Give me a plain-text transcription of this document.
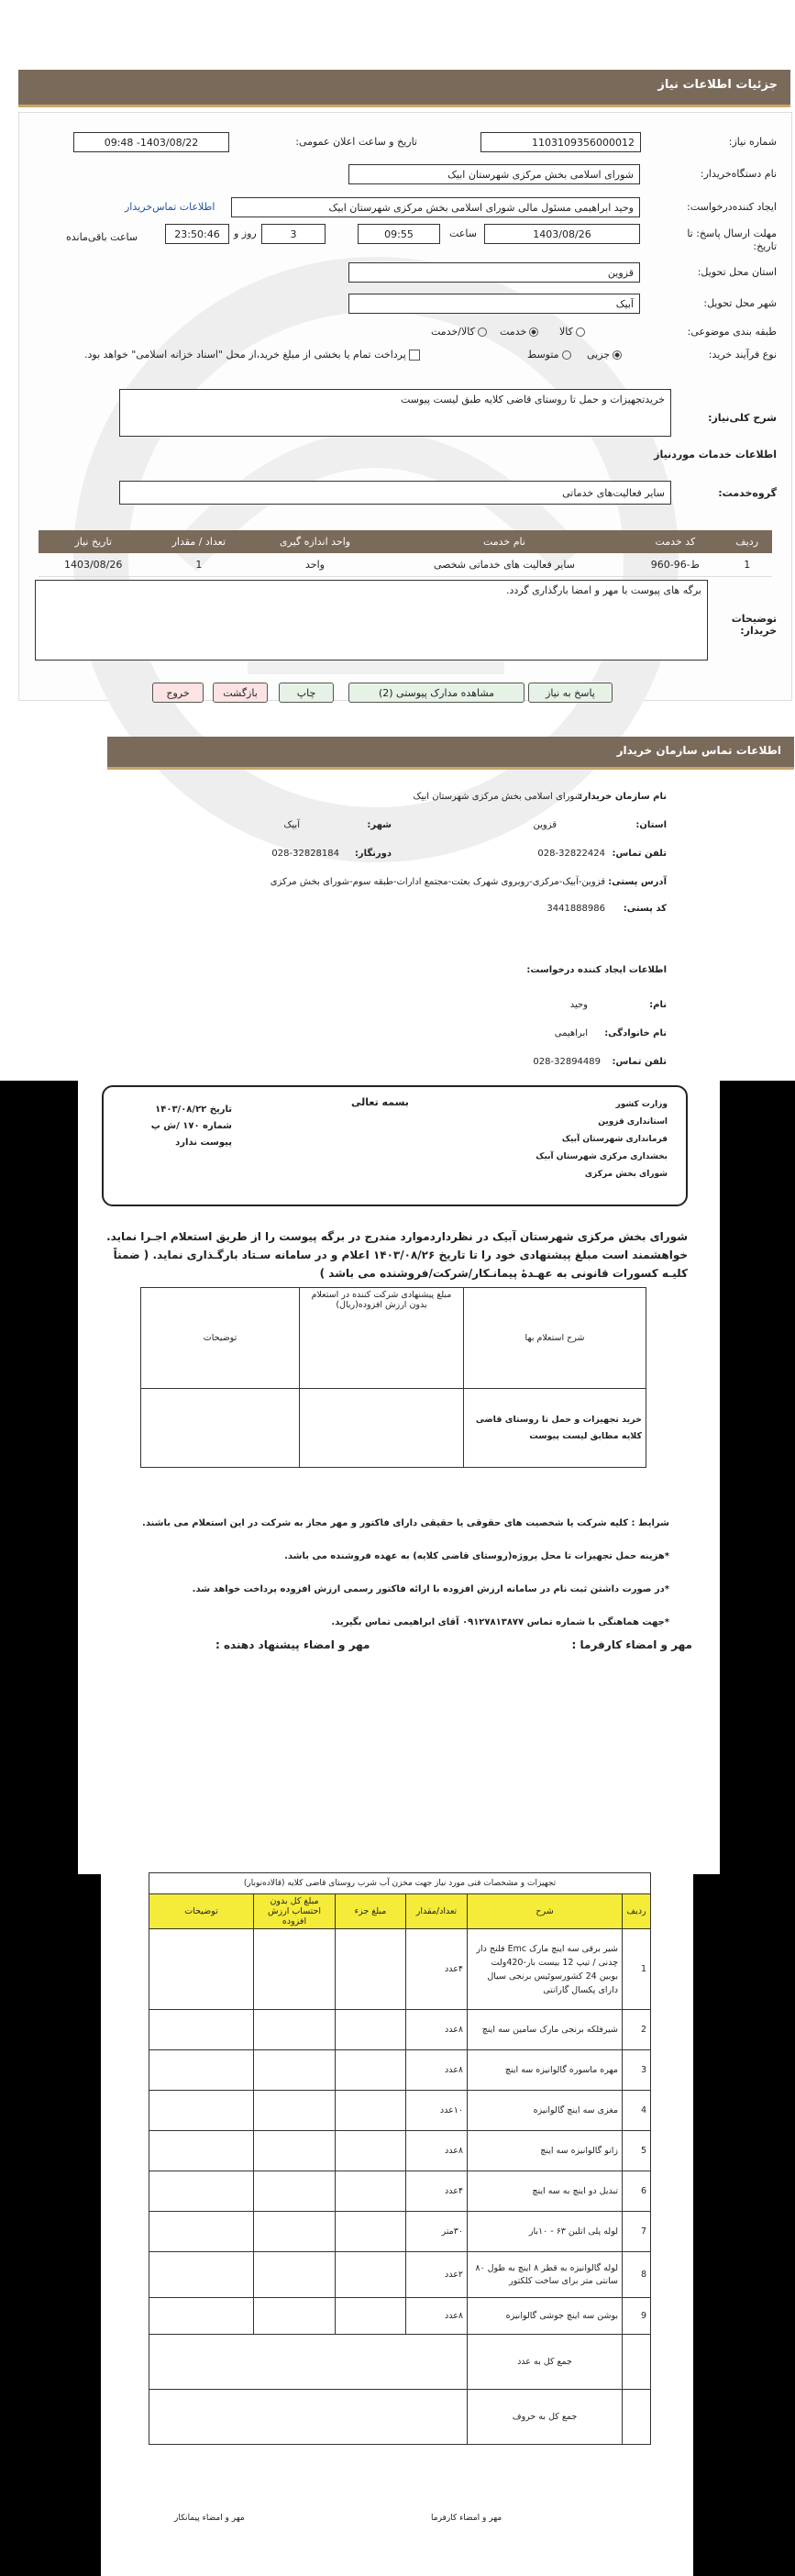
جزئیات اطلاعات نیاز
شماره نیاز:
1103109356000012
تاریخ و ساعت اعلان عمومی:
1403/08/22- 09:48
نام دستگاه‌خریدار:
شورای اسلامی بخش مرکزی شهرستان ابیک
ایجاد کننده‌درخواست:
وحید ابراهیمی مسئول مالی شورای اسلامی بخش مرکزی شهرستان ابیک
اطلاعات تماس‌خریدار
مهلت ارسال پاسخ: تا تاریخ:
1403/08/26
ساعت
09:55
3
روز و
23:50:46
ساعت باقی‌مانده
استان محل تحویل:
قزوین
شهر محل تحویل:
آبیک
طبقه بندی موضوعی:
کالا
خدمت
کالا/خدمت
نوع فرآیند خرید:
جزیی
متوسط
پرداخت تمام یا بخشی از مبلغ خرید،از محل "اسناد خزانه اسلامی" خواهد بود.
شرح کلی‌نیاز:
خریدتجهیزات و حمل تا روستای قاضی کلایه طبق لیست پیوست
اطلاعات خدمات موردنیاز
گروه‌خدمت:
سایر فعالیت‌های خدماتی
ردیف	کد خدمت	نام خدمت	واحد اندازه گیری	تعداد / مقدار	تاریخ نیاز
1	ط-96-960	سایر فعالیت های خدماتی شخصی	واحد	1	1403/08/26
توضیحات خریدار:
برگه های پیوست با مهر و امضا بارگذاری گردد.
پاسخ به نیاز
مشاهده مدارک پیوستی (2)
چاپ
بازگشت
خروج
اطلاعات تماس سازمان خریدار
نام سازمان خریدار:
شورای اسلامی بخش مرکزی شهرستان ابیک
استان:
قزوین
شهر:
آبیک
تلفن تماس:
028-32822424
دورنگار:
028-32828184
آدرس پستی:
قزوین-آبیک-مرکزی-روبروی شهرک بعثت-مجتمع ادارات-طبقه سوم-شورای بخش مرکزی
کد پستی:
3441888986
اطلاعات ایجاد کننده درخواست:
نام:
وحید
نام خانوادگی:
ابراهیمی
تلفن تماس:
028-32894489
وزارت کشور
استانداری قزوین
فرمانداری شهرستان آبیک
بخشداری مرکزی شهرستان آبیک
شورای بخش مرکزی
بسمه تعالی
تاریخ ۱۴۰۳/۰۸/۲۲
شماره ۱۷۰ /ش پ
پیوست ندارد
شورای بخش مرکزی شهرستان آبیک در نظرداردموارد مندرج در برگه پیوست را از طریق استعلام اجـرا نماید. خواهشمند است مبلغ پیشنهادی خود را تا تاریخ ۱۴۰۳/۰۸/۲۶ اعلام و در سامانه سـتاد بارگـذاری نماید. ( ضمناً کلیـه کسورات قانونی به عهـدۀ پیمانـکار/شرکت/فروشنده می باشد )
شرح استعلام بها	مبلغ پیشنهادی شرکت کننده در استعلام بدون ارزش افزوده(ریال)	توضیحات
خرید تجهیزات و حمل تا روستای قاضی کلایه مطابق لیست پیوست		
شرایط : کلیه شرکت یا شخصیت های حقوقی یا حقیقی دارای فاکتور و مهر مجاز به شرکت در این استعلام می باشند.
*هزینه حمل تجهیزات تا محل پروژه(روستای قاضی کلایه) به عهده فروشنده می باشد.
*در صورت داشتن ثبت نام در سامانه ارزش افزوده با ارائه فاکتور رسمی ارزش افزوده پرداخت خواهد شد.
*جهت هماهنگی با شماره تماس ۰۹۱۲۷۸۱۳۸۷۷ آقای ابراهیمی تماس بگیرید.
مهر و امضاء کارفرما :
مهر و امضاء پیشنهاد دهنده :
تجهیزات و مشخصات فنی مورد نیاز جهت مخزن آب شرب روستای قاضی کلایه (قالاده‌نوبار)					
ردیف	شرح	تعداد/مقدار	مبلغ جزء	مبلغ کل بدون احتساب ارزش افزوده	توضیحات
1	شیر برقی سه اینچ مارک Emc فلنج دار چدنی / تیپ 12 بیست بار-420ولت بوبین 24 کشورسوئیس برنجی سیال دارای پکسال گارانتی	۴عدد			
2	شیرفلکه برنجی مارک سامین سه اینچ	۸عدد			
3	مهره ماسوره گالوانیزه سه اینچ	۸عدد			
4	مغزی سه اینچ گالوانیزه	۱۰عدد			
5	زانو گالوانیزه سه اینچ	۸عدد			
6	تبدیل دو اینچ به سه اینچ	۴عدد			
7	لوله پلی اتلین ۶۳ - ۱۰بار	۳۰متر			
8	لوله گالوانیزه به قطر ۸ اینچ به طول ۸۰ سانتی متر برای ساخت کلکتور	۲عدد			
9	بوشن سه اینچ جوشی گالوانیزه	۸عدد			
	جمع کل به عدد				
	جمع کل به حروف				
مهر و امضاء کارفرما
مهر و امضاء پیمانکار
